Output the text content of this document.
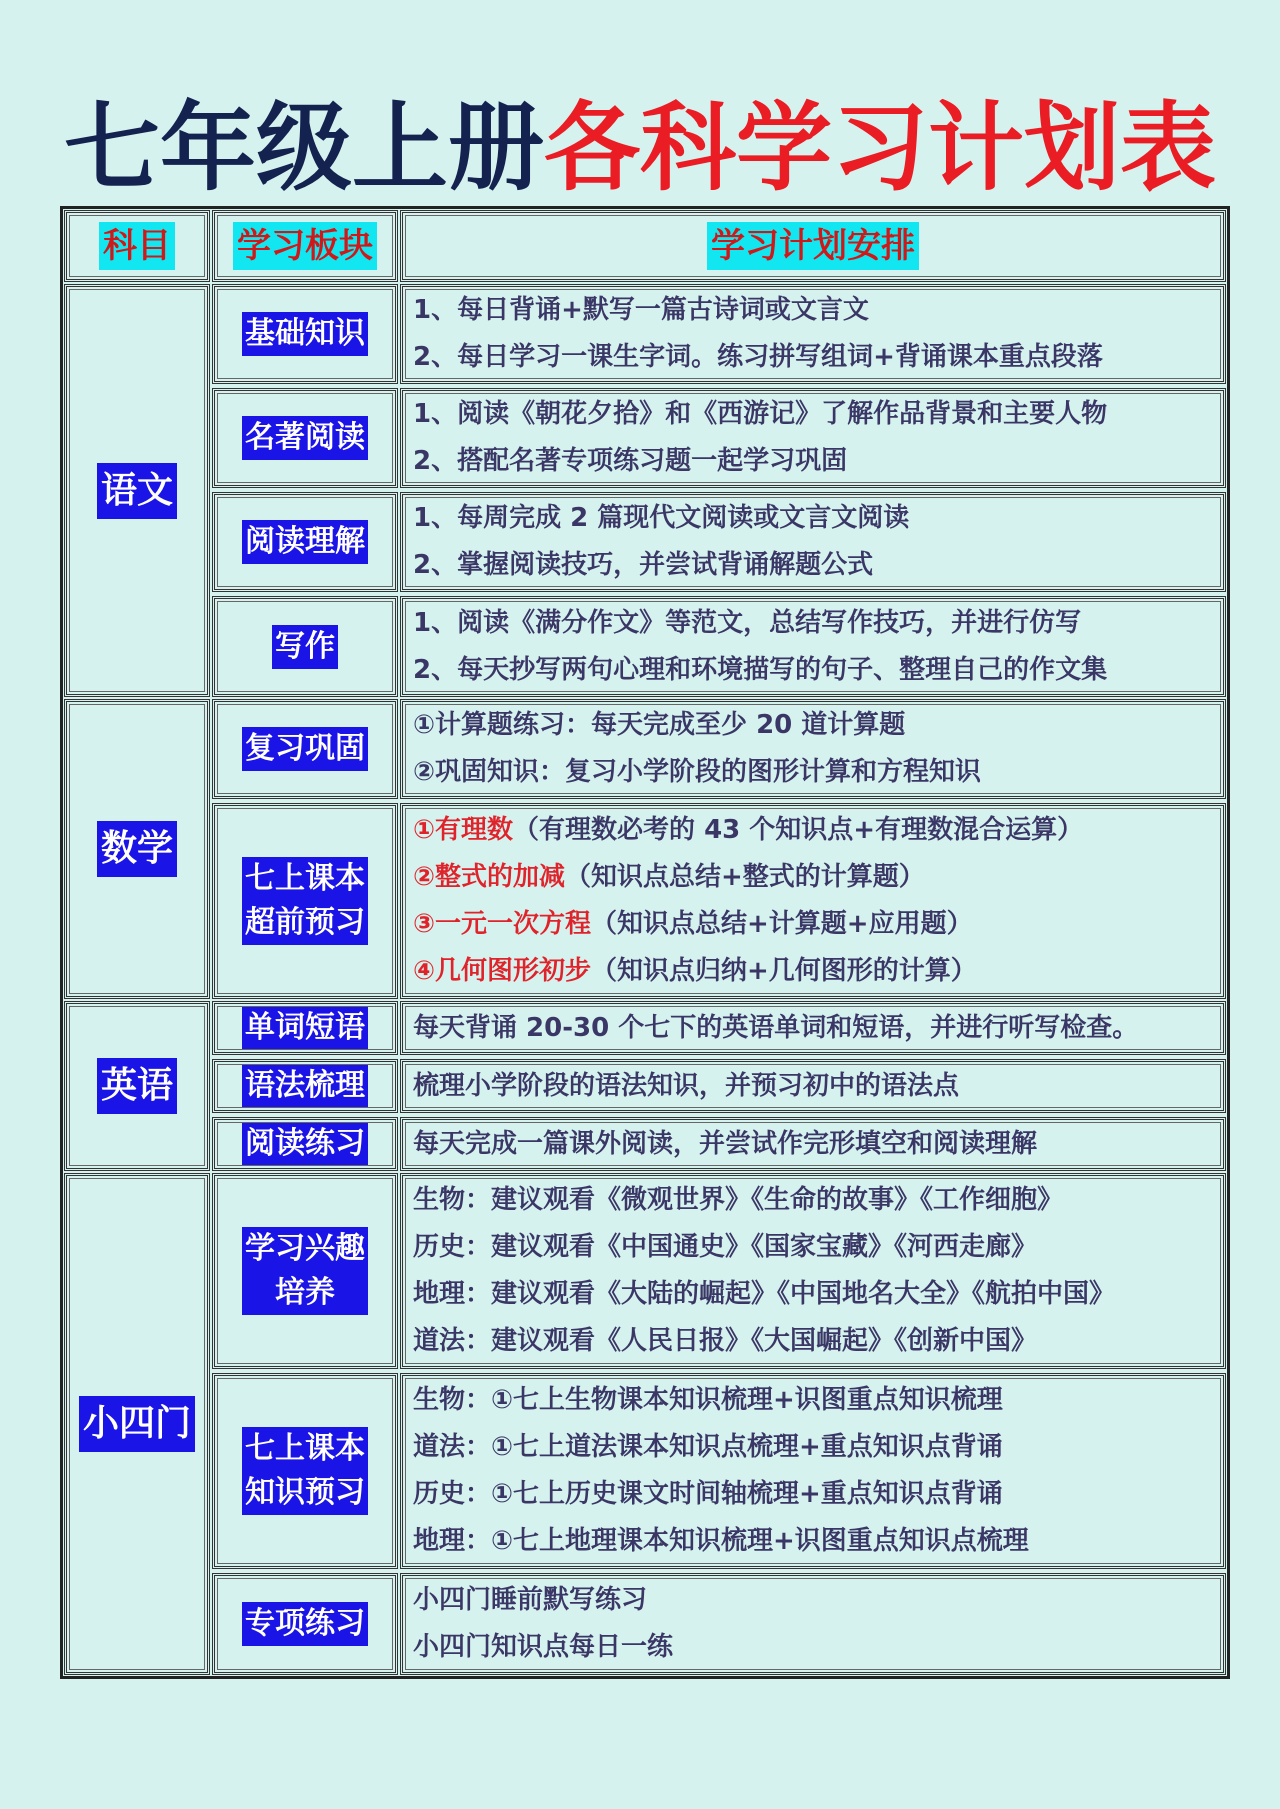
七年级上册各科学习计划表
科目 学习板块	学习计划安排
语文
数学
英语
小四门
基础知识
1、每日背诵+默写一篇古诗词或文言文
2、每日学习一课生字词。练习拼写组词+背诵课本重点段落
名著阅读
1、阅读《朝花夕拾》和《西游记》了解作品背景和主要人物
2、搭配名著专项练习题一起学习巩固
阅读理解
1、每周完成 2 篇现代文阅读或文言文阅读
2、掌握阅读技巧，并尝试背诵解题公式
写作
1、阅读《满分作文》等范文，总结写作技巧，并进行仿写
2、每天抄写两句心理和环境描写的句子、整理自己的作文集
复习巩固
①计算题练习：每天完成至少 20 道计算题
②巩固知识：复习小学阶段的图形计算和方程知识
七上课本
超前预习
①有理数（有理数必考的 43 个知识点+有理数混合运算）
②整式的加减（知识点总结+整式的计算题）
③一元一次方程（知识点总结+计算题+应用题）
④几何图形初步（知识点归纳+几何图形的计算）
单词短语 每天背诵 20-30 个七下的英语单词和短语，并进行听写检查。
语法梳理 梳理小学阶段的语法知识，并预习初中的语法点
阅读练习 每天完成一篇课外阅读，并尝试作完形填空和阅读理解
学习兴趣
培养
生物：建议观看《微观世界》《生命的故事》《工作细胞》
历史：建议观看《中国通史》《国家宝藏》《河西走廊》
地理：建议观看《大陆的崛起》《中国地名大全》《航拍中国》
道法：建议观看《人民日报》《大国崛起》《创新中国》
七上课本
知识预习
生物：①七上生物课本知识梳理+识图重点知识梳理
道法：①七上道法课本知识点梳理+重点知识点背诵
历史：①七上历史课文时间轴梳理+重点知识点背诵
地理：①七上地理课本知识梳理+识图重点知识点梳理
专项练习
小四门睡前默写练习
小四门知识点每日一练
